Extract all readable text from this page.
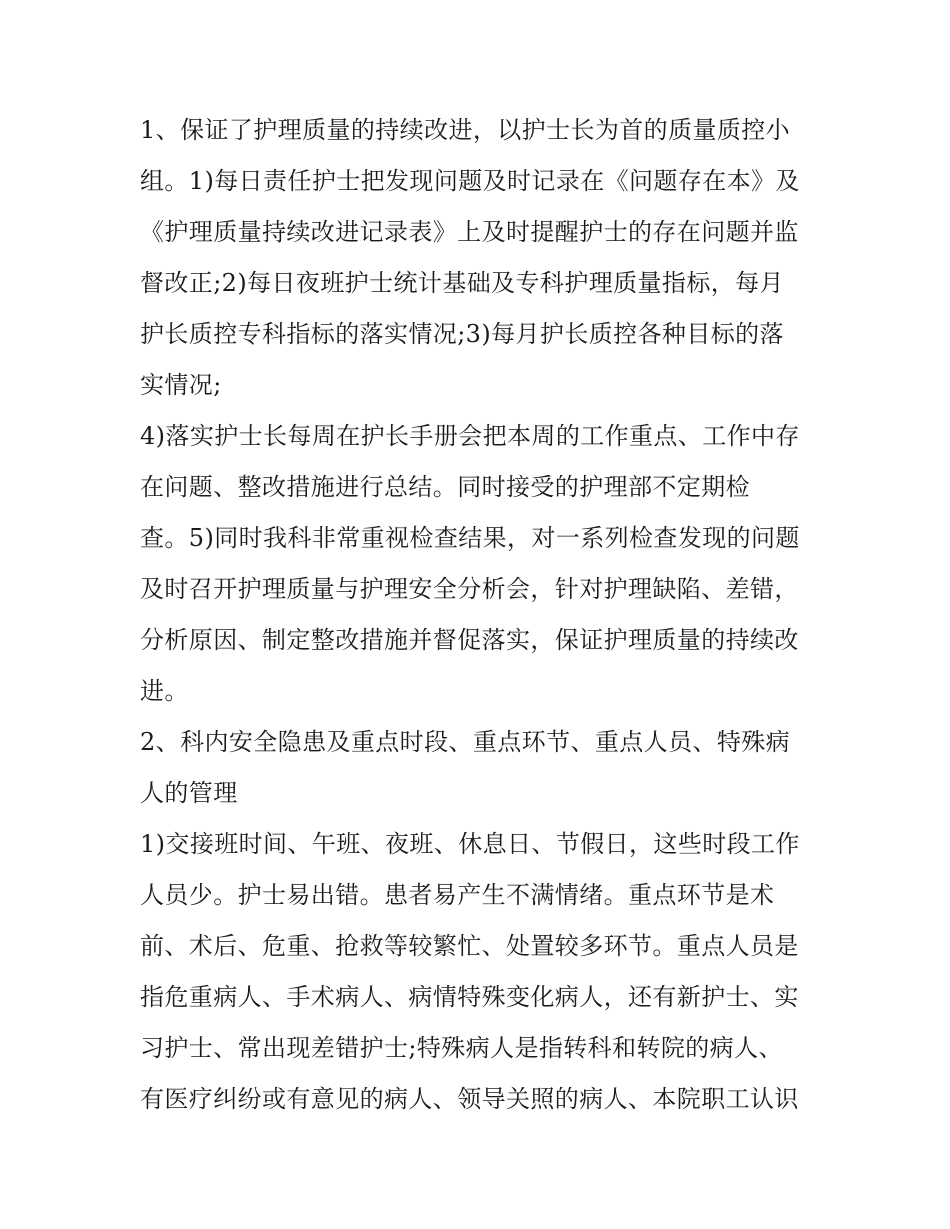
1、保证了护理质量的持续改进，以护士长为首的质量质控小

组。1)每日责任护士把发现问题及时记录在《问题存在本》及

《护理质量持续改进记录表》上及时提醒护士的存在问题并监

督改正;2)每日夜班护士统计基础及专科护理质量指标，每月

护长质控专科指标的落实情况;3)每月护长质控各种目标的落

实情况;

4)落实护士长每周在护长手册会把本周的工作重点、工作中存

在问题、整改措施进行总结。同时接受的护理部不定期检

查。5)同时我科非常重视检查结果，对一系列检查发现的问题

及时召开护理质量与护理安全分析会，针对护理缺陷、差错，

分析原因、制定整改措施并督促落实，保证护理质量的持续改

进。

2、科内安全隐患及重点时段、重点环节、重点人员、特殊病

人的管理

1)交接班时间、午班、夜班、休息日、节假日，这些时段工作

人员少。护士易出错。患者易产生不满情绪。重点环节是术

前、术后、危重、抢救等较繁忙、处置较多环节。重点人员是

指危重病人、手术病人、病情特殊变化病人，还有新护士、实

习护士、常出现差错护士;特殊病人是指转科和转院的病人、

有医疗纠纷或有意见的病人、领导关照的病人、本院职工认识
